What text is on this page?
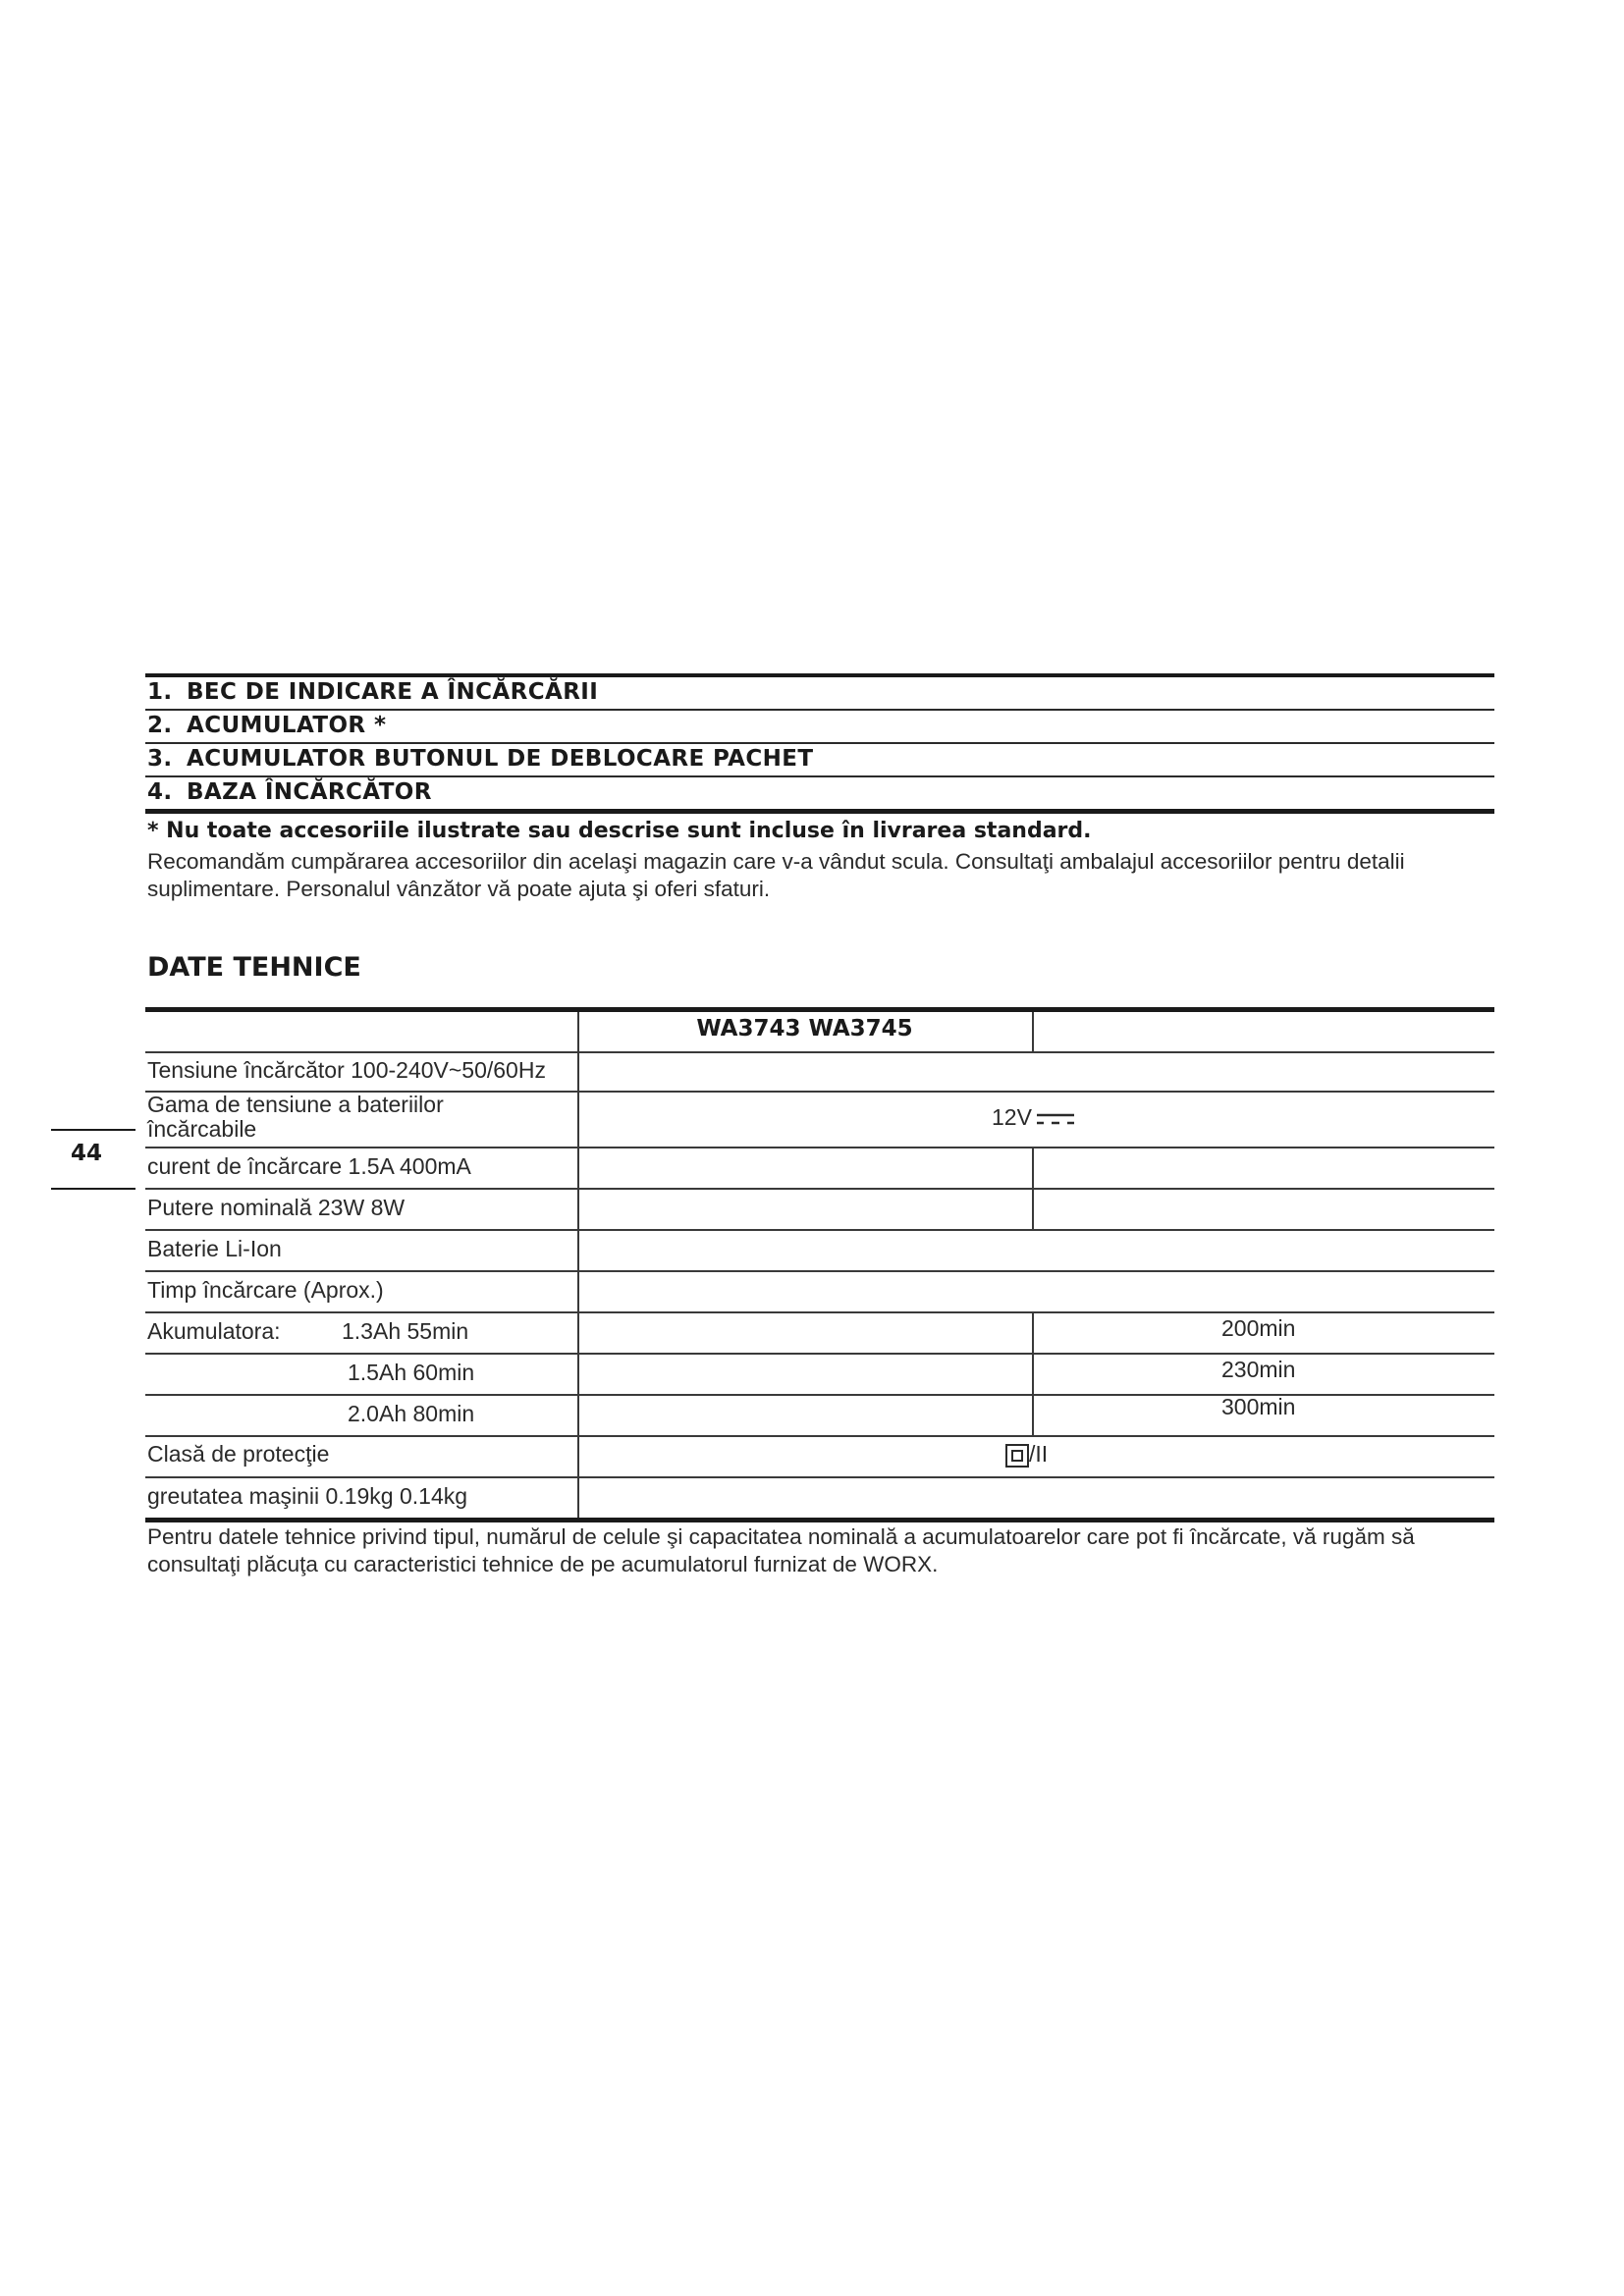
1. BEC DE INDICARE A ÎNCĂRCĂRII
2. ACUMULATOR *
3. ACUMULATOR BUTONUL DE DEBLOCARE PACHET
4. BAZA ÎNCĂRCĂTOR
* Nu toate accesoriile ilustrate sau descrise sunt incluse în livrarea standard.
Recomandăm cumpărarea accesoriilor din acelaşi magazin care v-a vândut scula. Consultaţi ambalajul accesoriilor pentru detalii suplimentare. Personalul vânzător vă poate ajuta şi oferi sfaturi.
DATE TEHNICE
44
WA3743 WA3745
Tensiune încărcător 100-240V~50/60Hz
Gama de tensiune a bateriilor
încărcabile	12V
curent de încărcare 1.5A 400mA
Putere nominală 23W 8W
Baterie Li-Ion
Timp încărcare (Aprox.)
Akumulatora:	1.3Ah 55min	200min
1.5Ah 60min	230min
2.0Ah 80min	300min
Clasă de protecţie	/II
greutatea maşinii 0.19kg 0.14kg
Pentru datele tehnice privind tipul, numărul de celule şi capacitatea nominală a acumulatoarelor care pot fi încărcate, vă rugăm să consultaţi plăcuţa cu caracteristici tehnice de pe acumulatorul furnizat de WORX.
